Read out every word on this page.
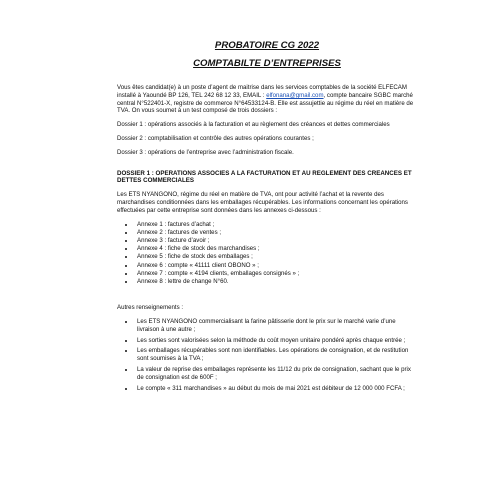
PROBATOIRE CG 2022
COMPTABILTE D’ENTREPRISES

Vous êtes candidat(e) à un poste d’agent de maitrise dans les services comptables de la société ELFECAM installé à Yaoundé BP 126, TEL 242 68 12 33, EMAIL : elfonana@gmail.com, compte bancaire SGBC marché central N°522401-X, registre de commerce N°64533124-B. Elle est assujettie au régime du réel en matière de TVA. On vous soumet à un test composé de trois dossiers :

Dossier 1 : opérations associés à la facturation et au règlement des créances et dettes commerciales

Dossier 2 : comptabilisation et contrôle des autres opérations courantes ;

Dossier 3 : opérations de l’entreprise avec l’administration fiscale.

DOSSIER 1 : OPERATIONS ASSOCIES A LA FACTURATION ET AU REGLEMENT DES CREANCES ET DETTES COMMERCIALES

Les ETS NYANGONO, régime du réel en matière de TVA, ont pour activité l’achat et la revente des marchandises conditionnées dans les emballages récupérables. Les informations concernant les opérations effectuées par cette entreprise sont données dans les annexes ci-dessous :

• Annexe 1 : factures d’achat ;
• Annexe 2 : factures de ventes ;
• Annexe 3 : facture d’avoir ;
• Annexe 4 : fiche de stock des marchandises ;
• Annexe 5 : fiche de stock des emballages ;
• Annexe 6 : compte « 41111 client OBONO » ;
• Annexe 7 : compte « 4194 clients, emballages consignés » ;
• Annexe 8 : lettre de change N°60.

Autres renseignements :

• Les ETS NYANGONO commercialisant la farine pâtisserie dont le prix sur le marché varie d’une livraison à une autre ;
• Les sorties sont valorisées selon la méthode du coût moyen unitaire pondéré après chaque entrée ;
• Les emballages récupérables sont non identifiables. Les opérations de consignation, et de restitution sont soumises à la TVA ;
• La valeur de reprise des emballages représente les 11/12 du prix de consignation, sachant que le prix de consignation est de 600F ;
• Le compte « 311 marchandises » au début du mois de mai 2021 est débiteur de 12 000 000 FCFA ;
